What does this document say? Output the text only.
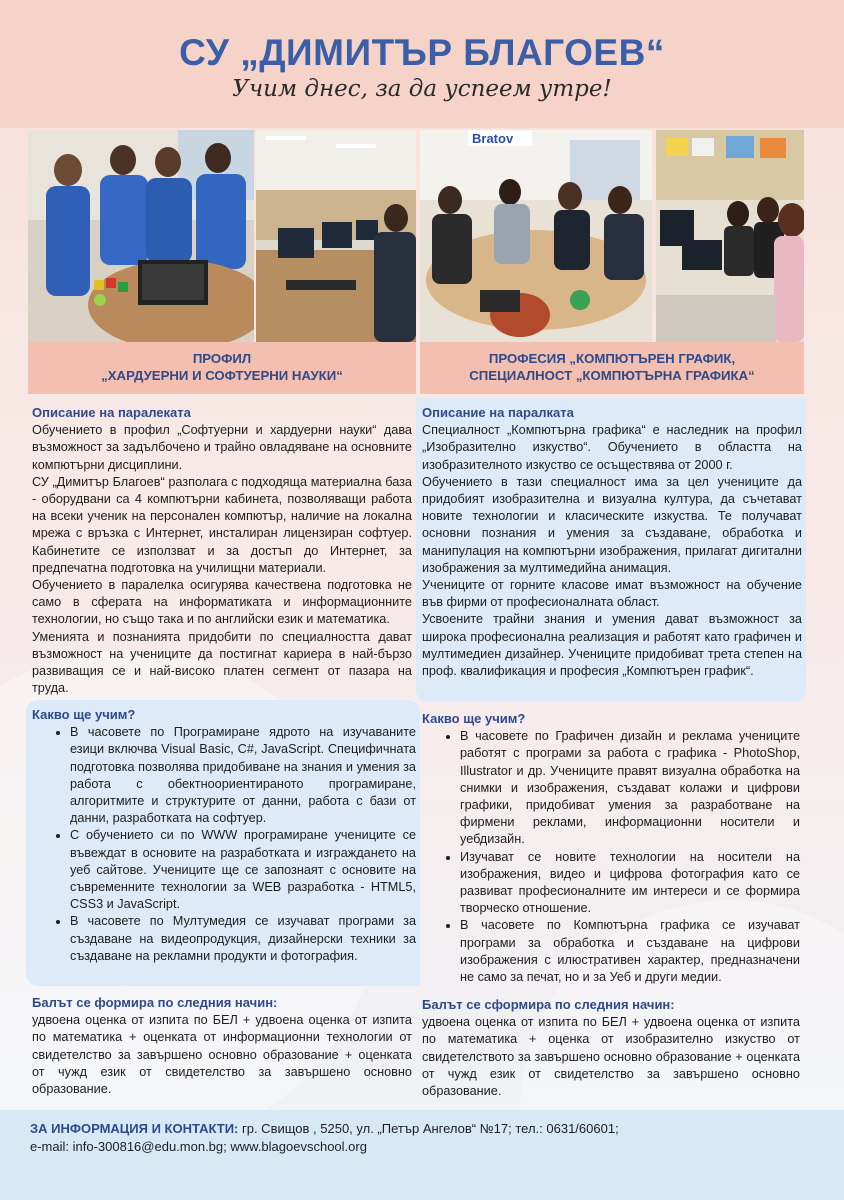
СУ „ДИМИТЪР БЛАГОЕВ“
Учим днес, за да успеем утре!
Bratov
ПРОФИЛ
„ХАРДУЕРНИ И СОФТУЕРНИ НАУКИ“
ПРОФЕСИЯ „КОМПЮТЪРЕН ГРАФИК,
СПЕЦИАЛНОСТ „КОМПЮТЪРНА ГРАФИКА“
Описание на паралеката

Обучението в профил „Софтуерни и хардуерни науки“ дава възможност за задълбочено и трайно овладяване на основните компютърни дисциплини.

СУ „Димитър Благоев“ разполага с подходяща материална база - оборудвани са 4 компютърни кабинета, позволяващи работа на всеки ученик на персонален компютър, наличие на локална мрежа с връзка с Интернет, инсталиран лицензиран софтуер. Кабинетите се използват и за достъп до Интернет, за предпечатна подготовка на училищни материали.

Обучението в паралелка осигурява качествена подготовка не само в сферата на информатиката и информационните технологии, но също така и по английски език и математика.

Уменията и познанията придобити по специалността дават възможност на учениците да постигнат кариера в най-бързо развиващия се и най-високо платен сегмент от пазара на труда.

Описание на паралката

Специалност „Компютърна графика“ е наследник на профил „Изобразително изкуство“. Обучението в областта на изобразителното изкуство се осъществява от 2000 г.

Обучението в тази специалност има за цел учениците да придобият изобразителна и визуална култура, да съчетават новите технологии и класическите изкуства. Те получават основни познания и умения за създаване, обработка и манипулация на компютърни изображения, прилагат дигитални изображения за мултимедийна анимация.

Учениците от горните класове имат възможност на обучение във фирми от професионалната област.

Усвоените трайни знания и умения дават възможност за широка професионална реализация и работят като графичен и мултимедиен дизайнер. Учениците придобиват трета степен на проф. квалификация и професия „Компютърен график“.

Какво ще учим?
• В часовете по Програмиране ядрото на изучаваните езици включва Visual Basic, C#, JavaScript. Специфичната подготовка позволява придобиване на знания и умения за работа с обектноориентираното програмиране, алгоритмите и структурите от данни, работа с бази от данни, разработката на софтуер.
• С обучението си по WWW програмиране учениците се въвеждат в основите на разработката и изграждането на уеб сайтове. Учениците ще се запознаят с основите на съвременните технологии за WEB разработка - HTML5, CSS3 и JavaScript.
• В часовете по Мултумедия се изучават програми за създаване на видеопродукция, дизайнерски техники за създаване на рекламни продукти и фотография.
Какво ще учим?
• В часовете по Графичен дизайн и реклама учениците работят с програми за работа с графика - PhotoShop, Illustrator и др. Учениците правят визуална обработка на снимки и изображения, създават колажи и цифрови графики, придобиват умения за разработване на фирмени реклами, информационни носители и уебдизайн.
• Изучават се новите технологии на носители на изображения, видео и цифрова фотография като се развиват професионалните им интереси и се формира творческо отношение.
• В часовете по Компютърна графика се изучават програми за обработка и създаване на цифрови изображения с илюстративен характер, предназначени не само за печат, но и за Уеб и други медии.
Балът се формира по следния начин:

удвоена оценка от изпита по БЕЛ + удвоена оценка от изпита по математика + оценката от информационни технологии от свидетелство за завършено основно образование + оценката от чужд език от свидетелство за завършено основно образование.

Балът се сформира по следния начин:

удвоена оценка от изпита по БЕЛ + удвоена оценка от изпита по математика + оценка от изобразително изкуство от свидетелството за завършено основно образование + оценката от чужд език от свидетелство за завършено основно образование.

ЗА ИНФОРМАЦИЯ И КОНТАКТИ: гр. Свищов , 5250, ул. „Петър Ангелов“ №17; тел.: 0631/60601;
e-mail: info-300816@edu.mon.bg; www.blagoevschool.org
